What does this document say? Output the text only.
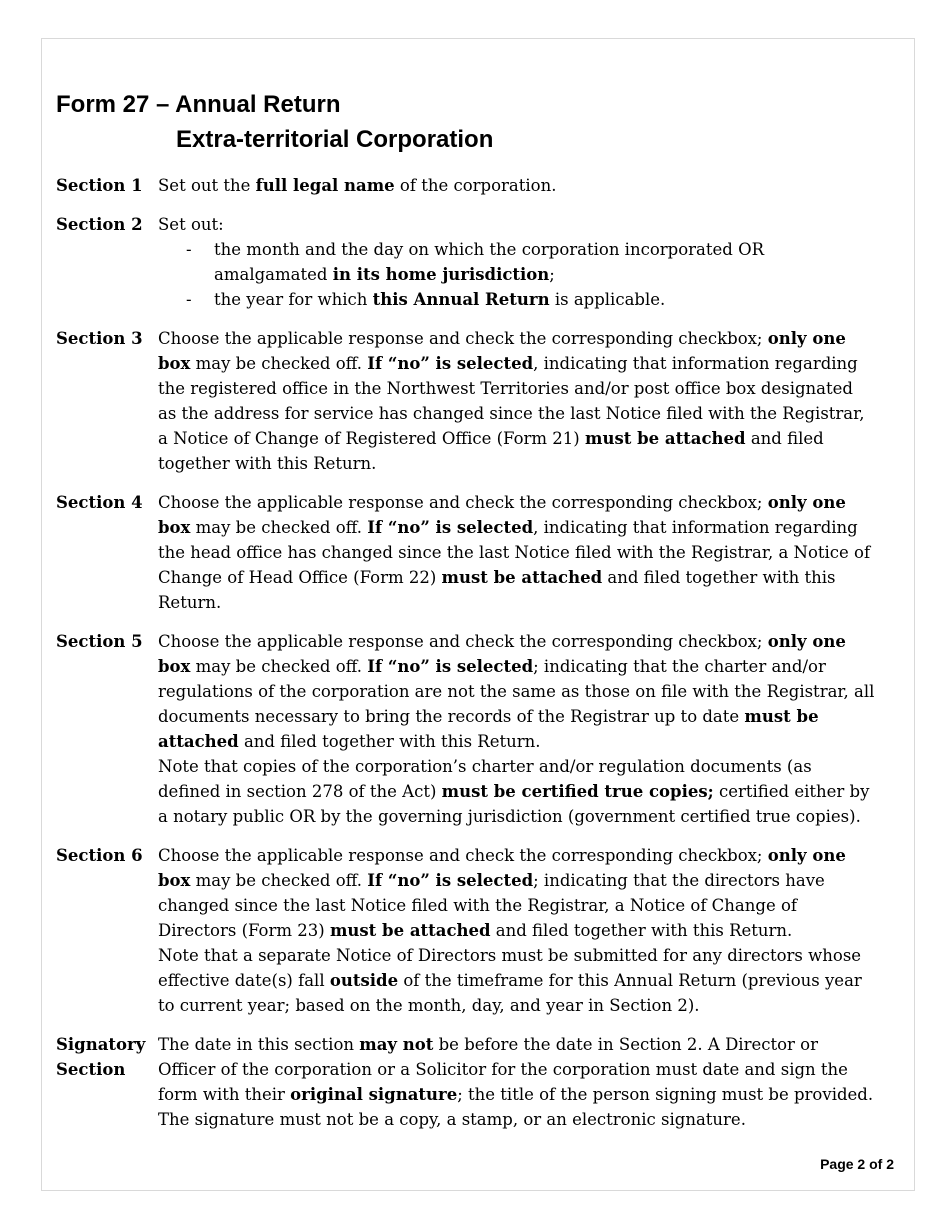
Form 27 – Annual Return
Extra-territorial Corporation
Section 1 Set out the full legal name of the corporation.
Section 2 Set out:

-	the month and the day on which the corporation incorporated OR amalgamated in its home jurisdiction;
-	the year for which this Annual Return is applicable.
Section 3 Choose the applicable response and check the corresponding checkbox; only one box may be checked off. If “no” is selected, indicating that information regarding the registered office in the Northwest Territories and/or post office box designated as the address for service has changed since the last Notice filed with the Registrar, a Notice of Change of Registered Office (Form 21) must be attached and filed together with this Return.
Section 4 Choose the applicable response and check the corresponding checkbox; only one box may be checked off. If “no” is selected, indicating that information regarding the head office has changed since the last Notice filed with the Registrar, a Notice of Change of Head Office (Form 22) must be attached and filed together with this Return.
Section 5 Choose the applicable response and check the corresponding checkbox; only one box may be checked off. If “no” is selected; indicating that the charter and/or regulations of the corporation are not the same as those on file with the Registrar, all documents necessary to bring the records of the Registrar up to date must be attached and filed together with this Return.

Note that copies of the corporation’s charter and/or regulation documents (as defined in section 278 of the Act) must be certified true copies; certified either by a notary public OR by the governing jurisdiction (government certified true copies).

Section 6 Choose the applicable response and check the corresponding checkbox; only one box may be checked off. If “no” is selected; indicating that the directors have changed since the last Notice filed with the Registrar, a Notice of Change of Directors (Form 23) must be attached and filed together with this Return.

Note that a separate Notice of Directors must be submitted for any directors whose effective date(s) fall outside of the timeframe for this Annual Return (previous year to current year; based on the month, day, and year in Section 2).

Signatory
Section
The date in this section may not be before the date in Section 2. A Director or Officer of the corporation or a Solicitor for the corporation must date and sign the form with their original signature; the title of the person signing must be provided. The signature must not be a copy, a stamp, or an electronic signature.
Page 2 of 2
